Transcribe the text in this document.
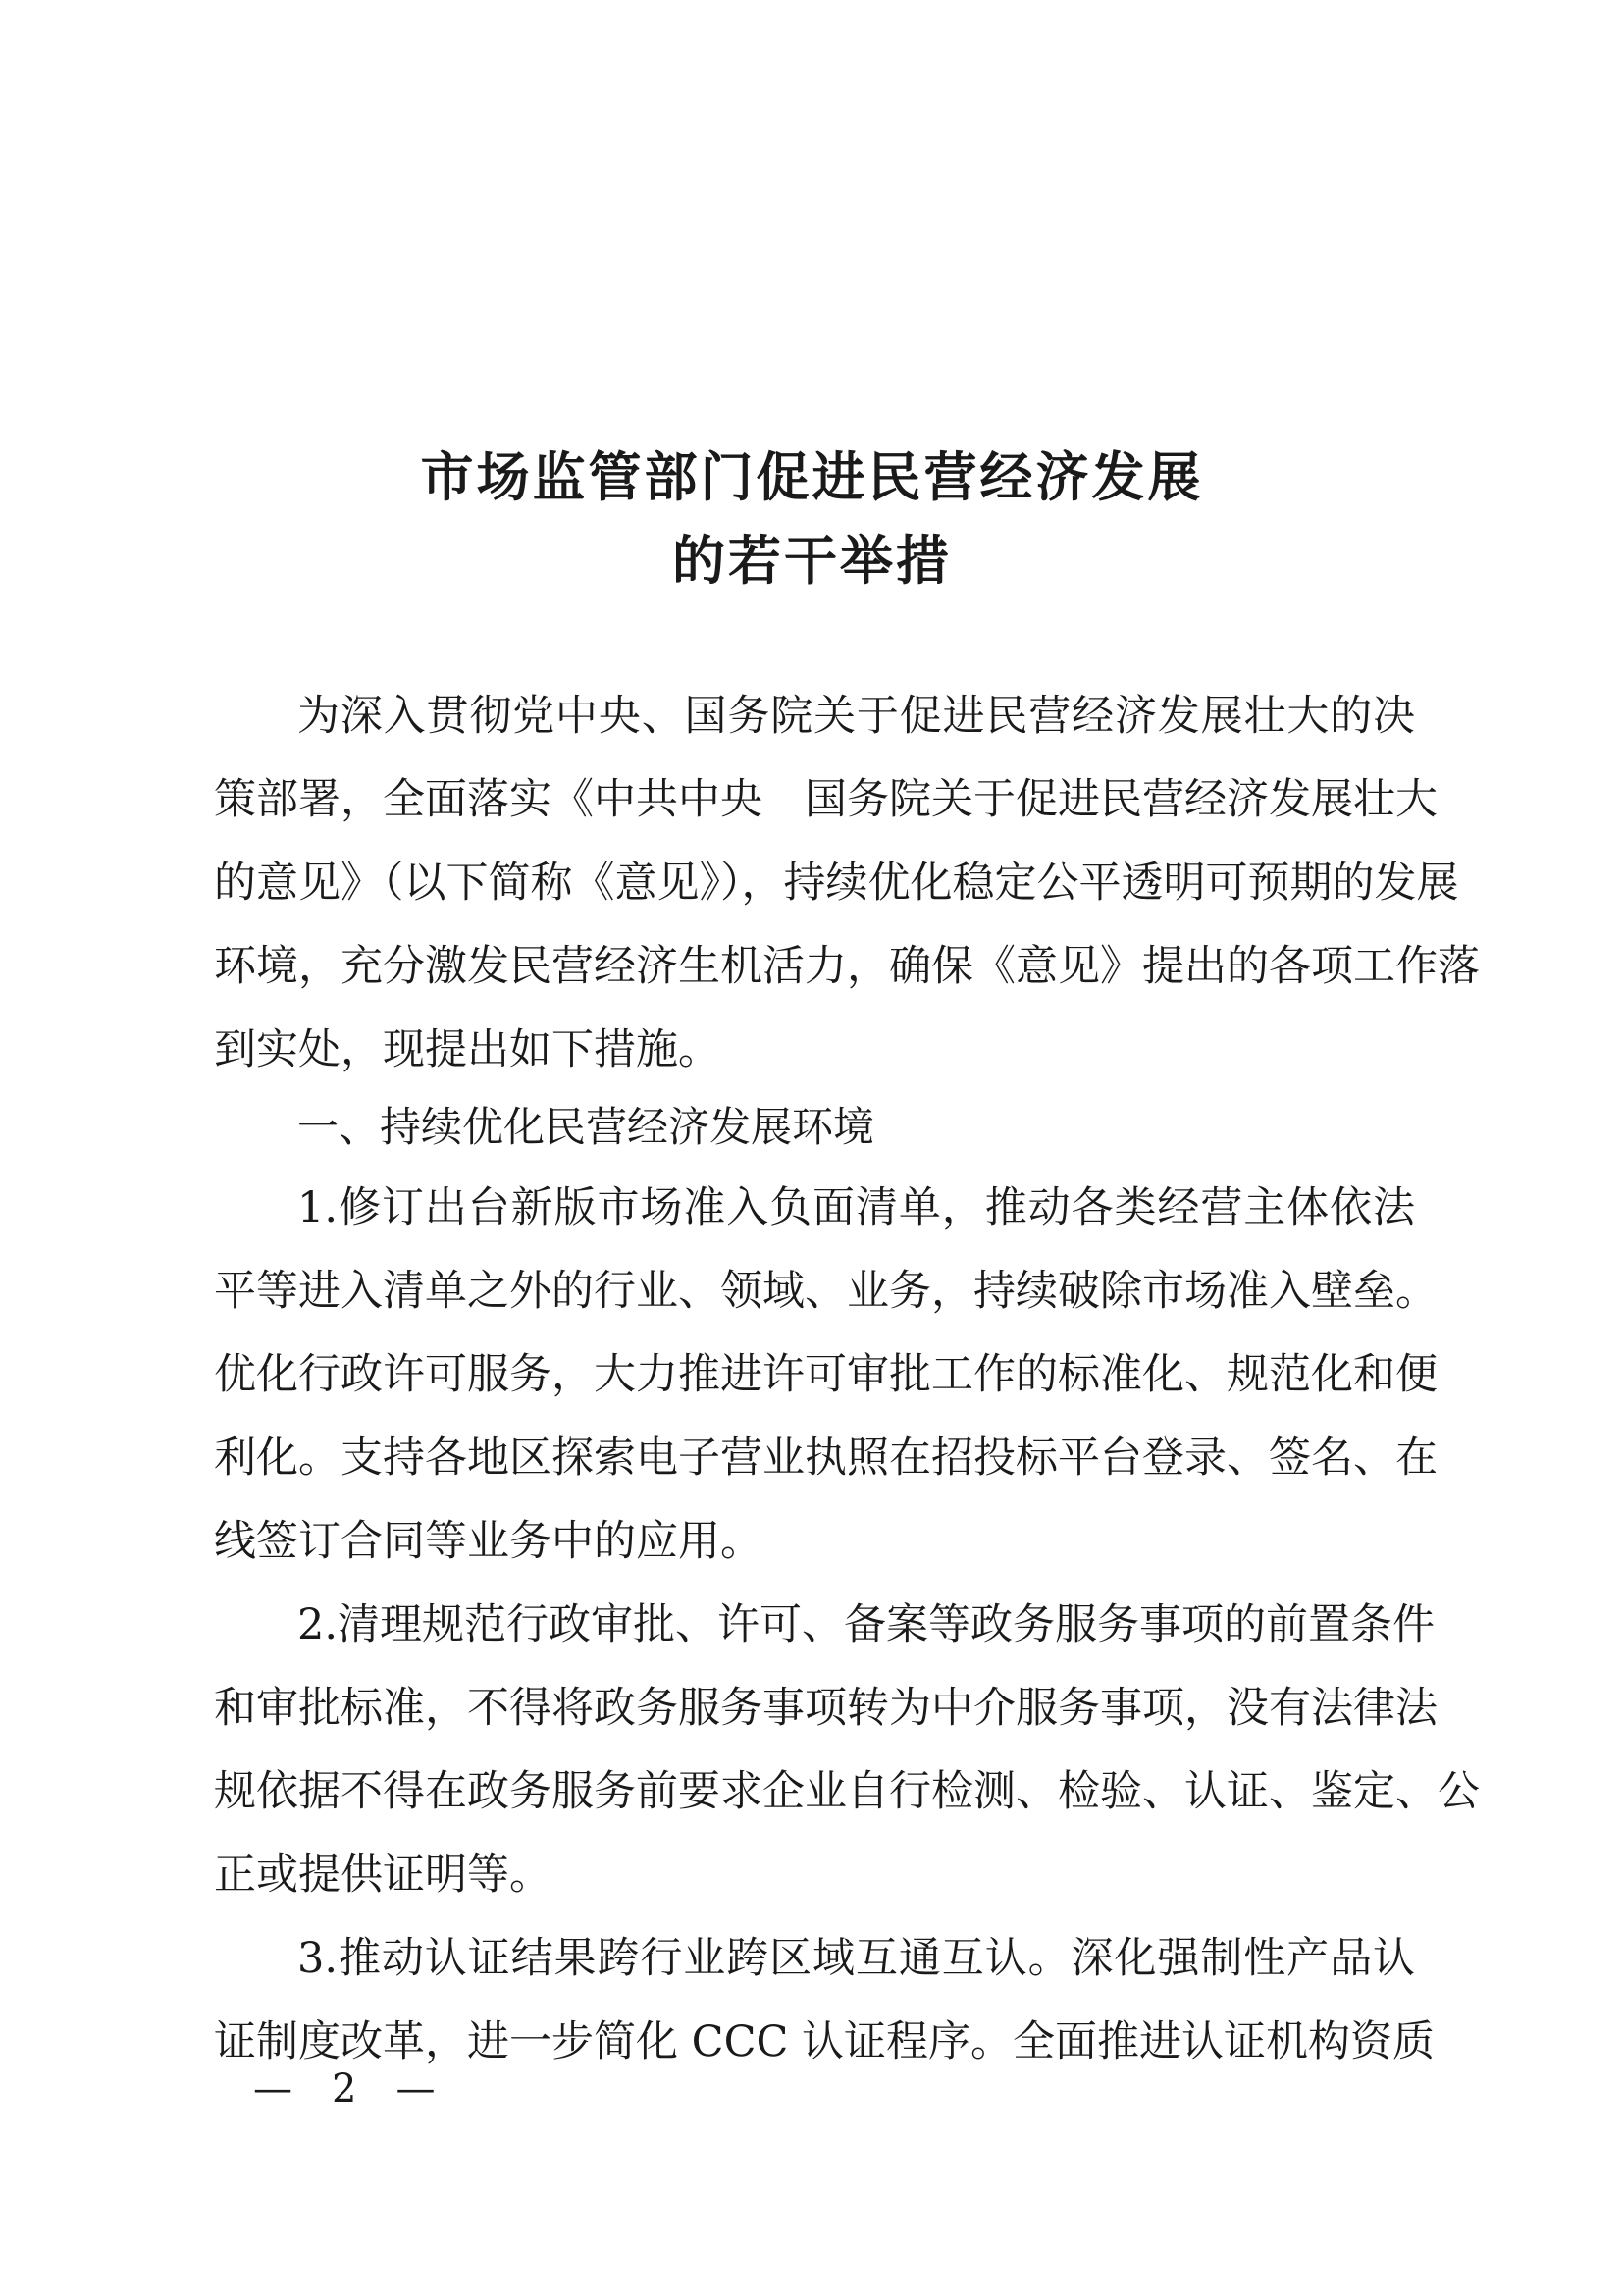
市场监管部门促进民营经济发展
的若干举措
为深入贯彻党中央、国务院关于促进民营经济发展壮大的决
策部署，全面落实《中共中央　国务院关于促进民营经济发展壮大
的意见》（以下简称《意见》），持续优化稳定公平透明可预期的发展
环境，充分激发民营经济生机活力，确保《意见》提出的各项工作落
到实处，现提出如下措施。
一、持续优化民营经济发展环境
1.修订出台新版市场准入负面清单，推动各类经营主体依法
平等进入清单之外的行业、领域、业务，持续破除市场准入壁垒。
优化行政许可服务，大力推进许可审批工作的标准化、规范化和便
利化。支持各地区探索电子营业执照在招投标平台登录、签名、在
线签订合同等业务中的应用。
2.清理规范行政审批、许可、备案等政务服务事项的前置条件
和审批标准，不得将政务服务事项转为中介服务事项，没有法律法
规依据不得在政务服务前要求企业自行检测、检验、认证、鉴定、公
正或提供证明等。
3.推动认证结果跨行业跨区域互通互认。深化强制性产品认
证制度改革，进一步简化 CCC 认证程序。全面推进认证机构资质
—　2　—
